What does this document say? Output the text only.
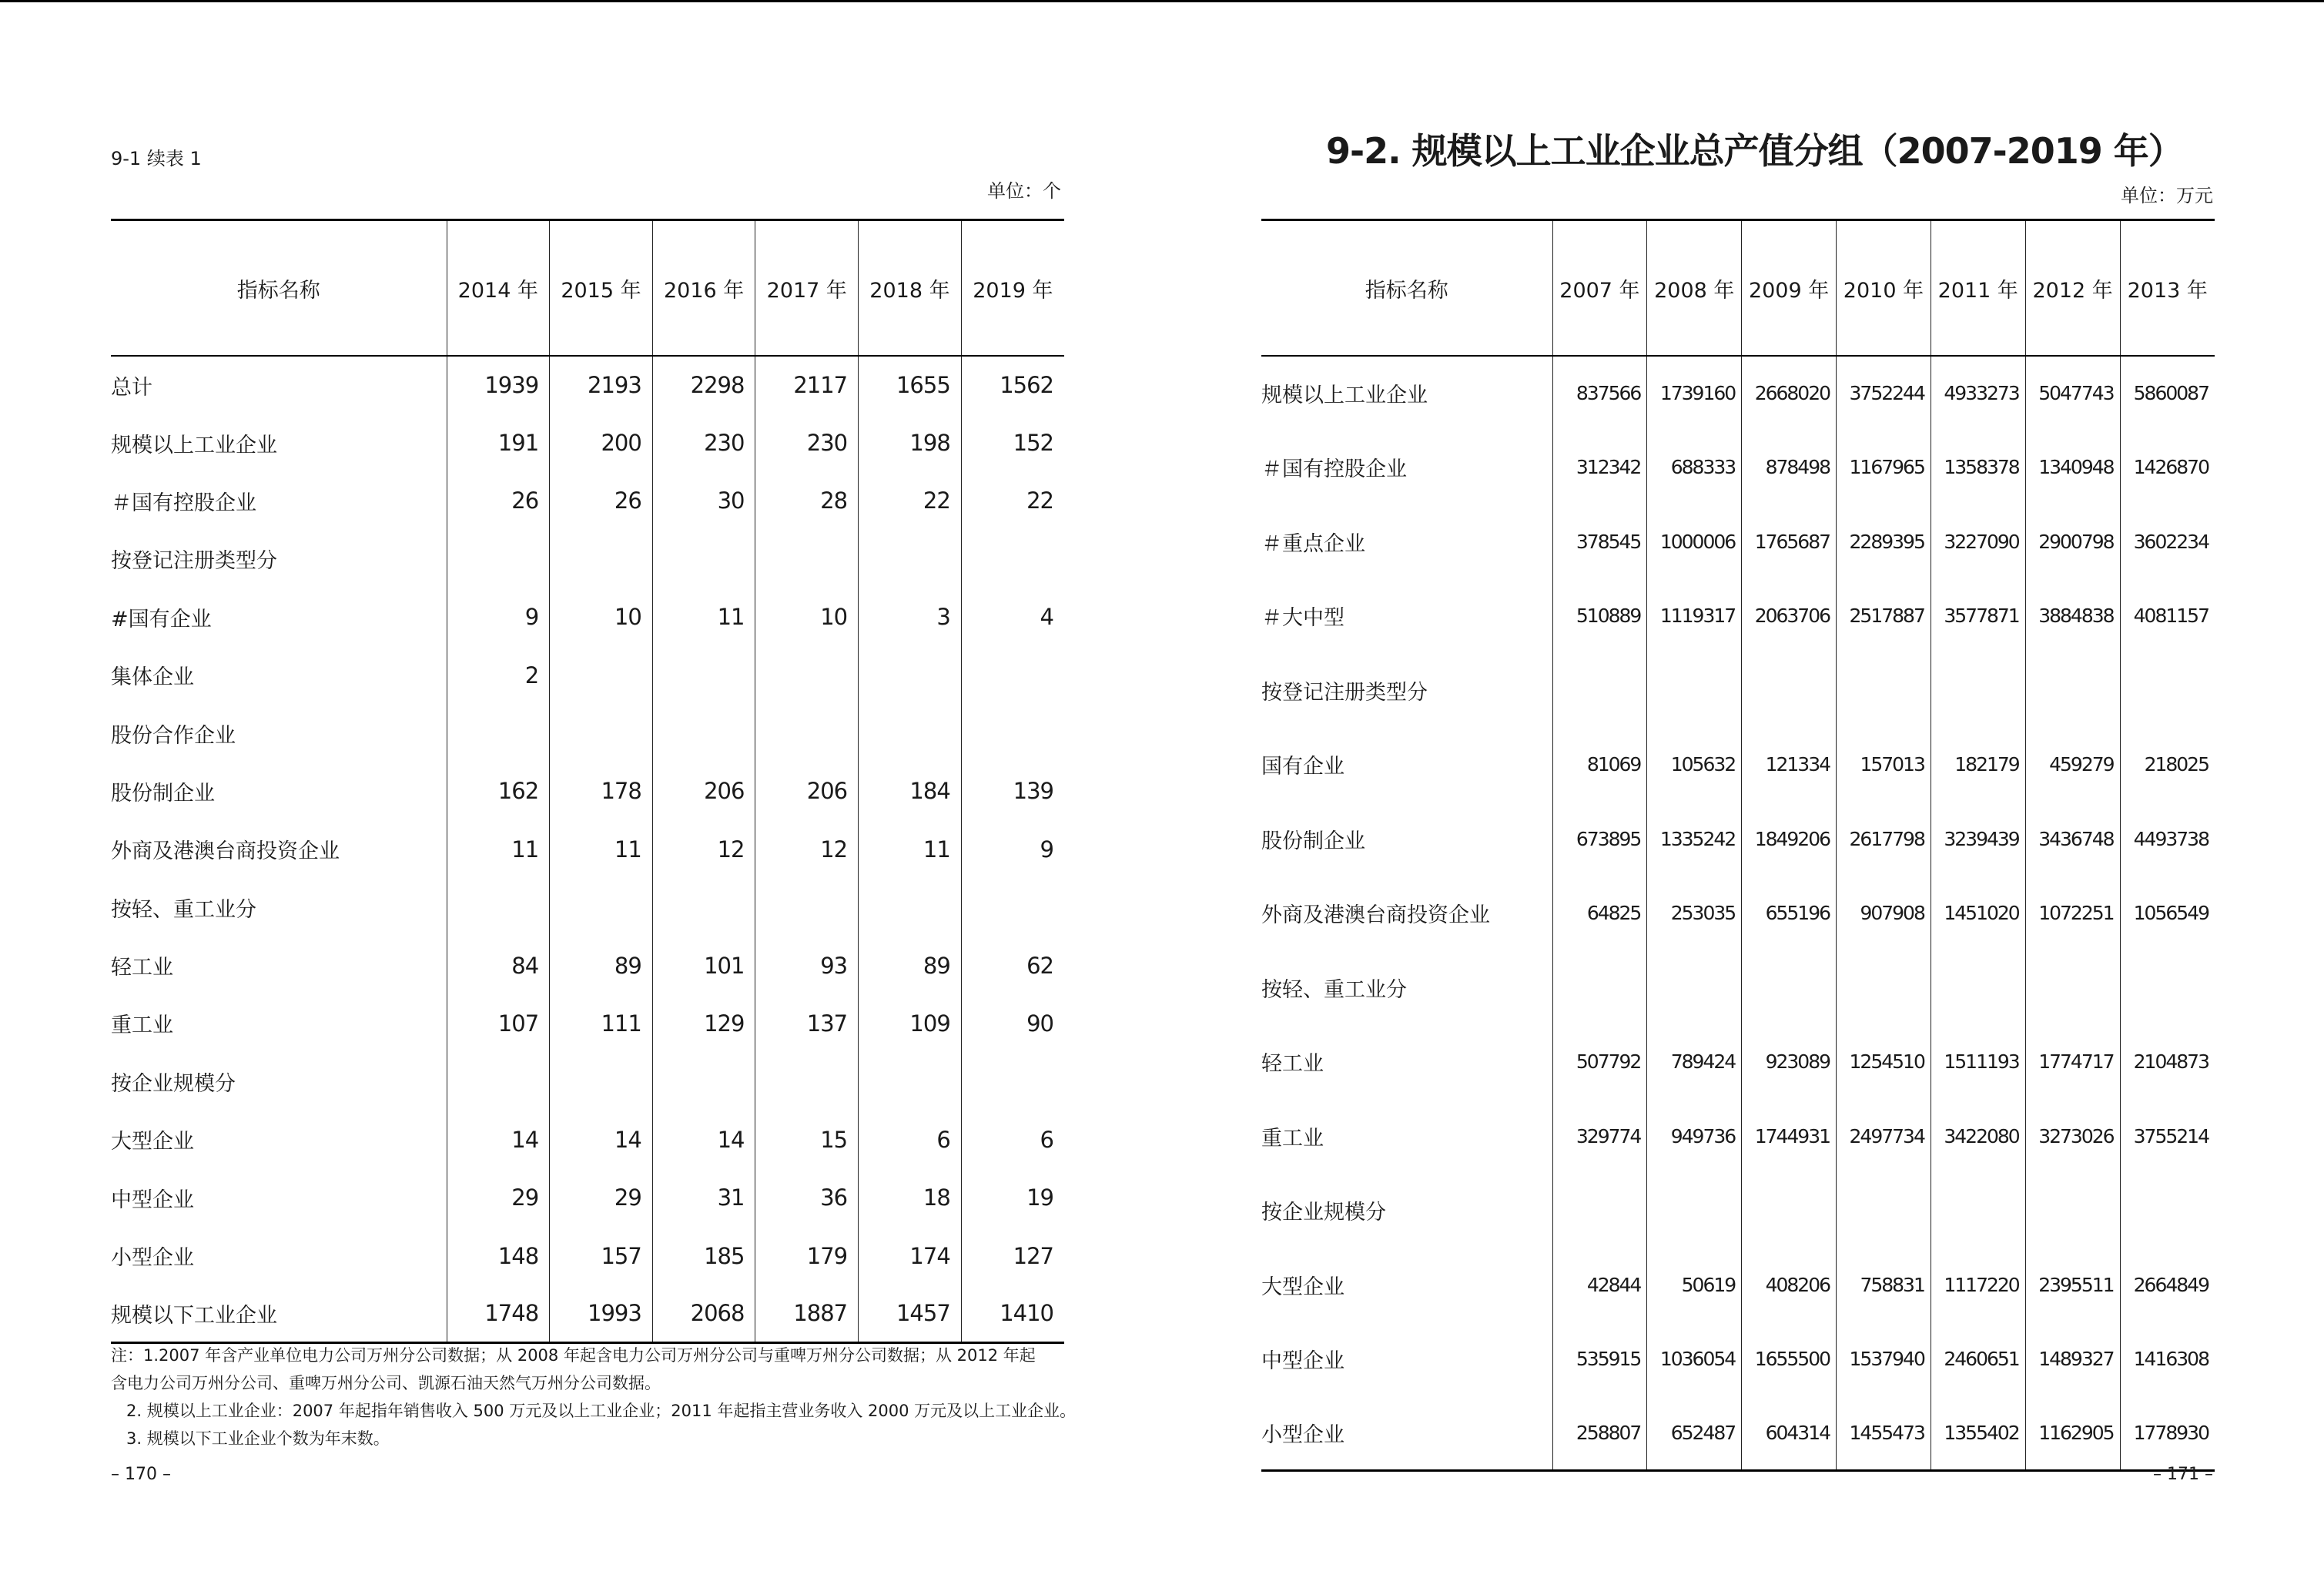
9-1 续表 1
单位：个
指标名称	2014 年	2015 年	2016 年	2017 年	2018 年	2019 年
总计	1939	2193	2298	2117	1655	1562
规模以上工业企业	191	200	230	230	198	152
＃国有控股企业	26	26	30	28	22	22
按登记注册类型分						
#国有企业	9	10	11	10	3	4
集体企业	2					
股份合作企业						
股份制企业	162	178	206	206	184	139
外商及港澳台商投资企业	11	11	12	12	11	9
按轻、重工业分						
轻工业	84	89	101	93	89	62
重工业	107	111	129	137	109	90
按企业规模分						
大型企业	14	14	14	15	6	6
中型企业	29	29	31	36	18	19
小型企业	148	157	185	179	174	127
规模以下工业企业	1748	1993	2068	1887	1457	1410
注：1.2007 年含产业单位电力公司万州分公司数据；从 2008 年起含电力公司万州分公司与重啤万州分公司数据；从 2012 年起
含电力公司万州分公司、重啤万州分公司、凯源石油天然气万州分公司数据。
2. 规模以上工业企业：2007 年起指年销售收入 500 万元及以上工业企业；2011 年起指主营业务收入 2000 万元及以上工业企业。
3. 规模以下工业企业个数为年末数。
– 170 –
9-2. 规模以上工业企业总产值分组（2007-2019 年）
单位：万元
指标名称	2007 年	2008 年	2009 年	2010 年	2011 年	2012 年	2013 年
规模以上工业企业	837566	1739160	2668020	3752244	4933273	5047743	5860087
＃国有控股企业	312342	688333	878498	1167965	1358378	1340948	1426870
＃重点企业	378545	1000006	1765687	2289395	3227090	2900798	3602234
＃大中型	510889	1119317	2063706	2517887	3577871	3884838	4081157
按登记注册类型分							
国有企业	81069	105632	121334	157013	182179	459279	218025
股份制企业	673895	1335242	1849206	2617798	3239439	3436748	4493738
外商及港澳台商投资企业	64825	253035	655196	907908	1451020	1072251	1056549
按轻、重工业分							
轻工业	507792	789424	923089	1254510	1511193	1774717	2104873
重工业	329774	949736	1744931	2497734	3422080	3273026	3755214
按企业规模分							
大型企业	42844	50619	408206	758831	1117220	2395511	2664849
中型企业	535915	1036054	1655500	1537940	2460651	1489327	1416308
小型企业	258807	652487	604314	1455473	1355402	1162905	1778930
– 171 –
